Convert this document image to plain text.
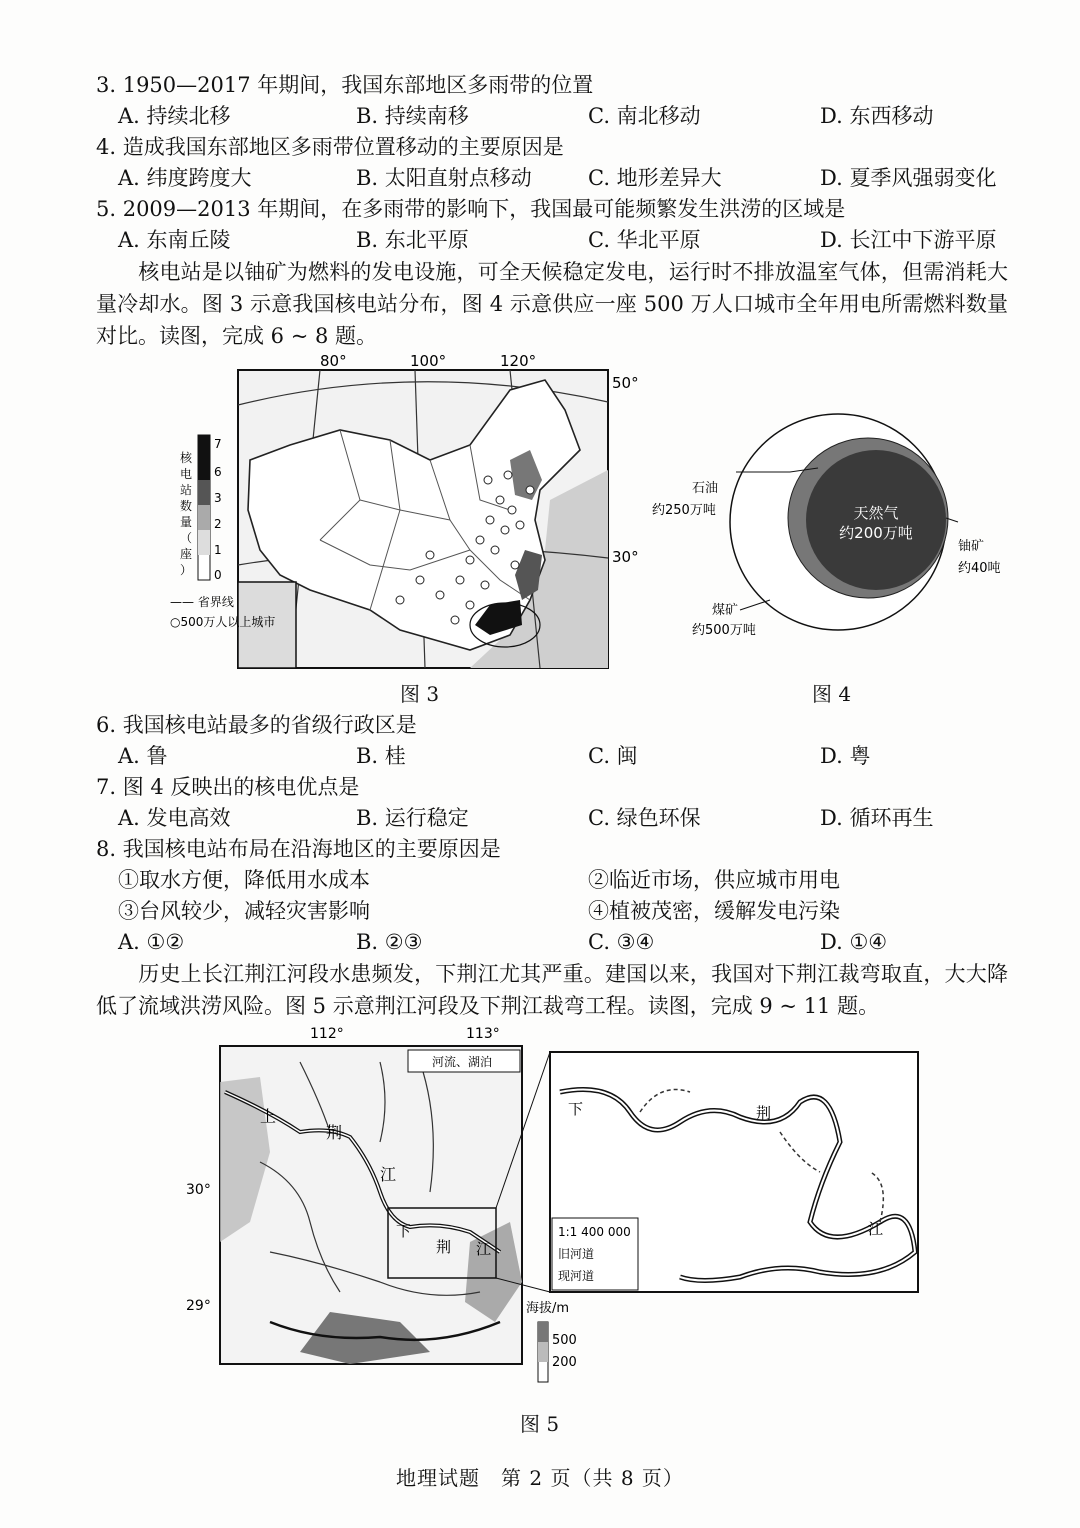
3. 1950—2017 年期间，我国东部地区多雨带的位置
A. 持续北移	B. 持续南移	C. 南北移动	D. 东西移动
4. 造成我国东部地区多雨带位置移动的主要原因是
A. 纬度跨度大	B. 太阳直射点移动	C. 地形差异大	D. 夏季风强弱变化
5. 2009—2013 年期间，在多雨带的影响下，我国最可能频繁发生洪涝的区域是
A. 东南丘陵	B. 东北平原	C. 华北平原	D. 长江中下游平原
核电站是以铀矿为燃料的发电设施，可全天候稳定发电，运行时不排放温室气体，但需消耗大量冷却水。图 3 示意我国核电站分布，图 4 示意供应一座 500 万人口城市全年用电所需燃料数量对比。读图，完成 6 ~ 8 题。
80°	100°	120°
50°
30°
7
6
3
2
1
0
核
电
站
数
量
（
座
）
—— 省界线
○500万人以上城市
天然气
约200万吨
石油
约250万吨
铀矿
约40吨
煤矿
约500万吨
图 3	图 4
6. 我国核电站最多的省级行政区是
A. 鲁	B. 桂	C. 闽	D. 粤
7. 图 4 反映出的核电优点是
A. 发电高效	B. 运行稳定	C. 绿色环保	D. 循环再生
8. 我国核电站布局在沿海地区的主要原因是
①取水方便，降低用水成本	②临近市场，供应城市用电
③台风较少，减轻灾害影响	④植被茂密，缓解发电污染
A. ①②	B. ②③	C. ③④	D. ①④
历史上长江荆江河段水患频发，下荆江尤其严重。建国以来，我国对下荆江裁弯取直，大大降低了流域洪涝风险。图 5 示意荆江河段及下荆江裁弯工程。读图，完成 9 ~ 11 题。
112°	113°
30°
29°
河流、湖泊
上
荆
江
下
荆 江
下	荆
江
1:1 400 000
旧河道
现河道
海拔/m
500
200
图 5
地理试题　第 2 页（共 8 页）
